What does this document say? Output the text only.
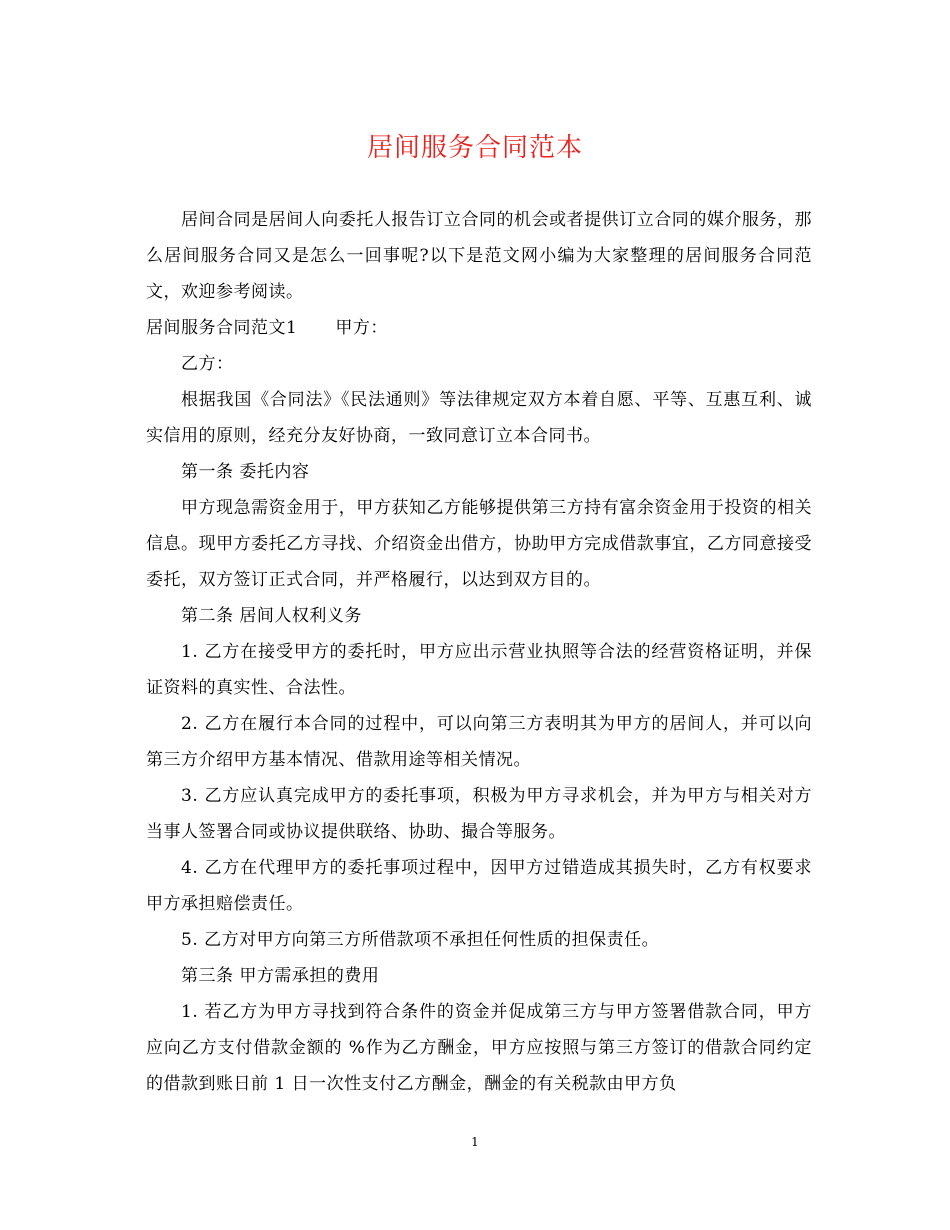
居间服务合同范本

居间合同是居间人向委托人报告订立合同的机会或者提供订立合同的媒介服务，那么居间服务合同又是怎么一回事呢?以下是范文网小编为大家整理的居间服务合同范文，欢迎参考阅读。

居间服务合同范文1 甲方：

乙方：

根据我国《合同法》《民法通则》等法律规定双方本着自愿、平等、互惠互利、诚实信用的原则，经充分友好协商，一致同意订立本合同书。

第一条 委托内容

甲方现急需资金用于，甲方获知乙方能够提供第三方持有富余资金用于投资的相关信息。现甲方委托乙方寻找、介绍资金出借方，协助甲方完成借款事宜，乙方同意接受委托，双方签订正式合同，并严格履行，以达到双方目的。

第二条 居间人权利义务

1. 乙方在接受甲方的委托时，甲方应出示营业执照等合法的经营资格证明，并保证资料的真实性、合法性。

2. 乙方在履行本合同的过程中，可以向第三方表明其为甲方的居间人，并可以向第三方介绍甲方基本情况、借款用途等相关情况。

3. 乙方应认真完成甲方的委托事项，积极为甲方寻求机会，并为甲方与相关对方当事人签署合同或协议提供联络、协助、撮合等服务。

4. 乙方在代理甲方的委托事项过程中，因甲方过错造成其损失时，乙方有权要求甲方承担赔偿责任。

5. 乙方对甲方向第三方所借款项不承担任何性质的担保责任。

第三条 甲方需承担的费用

1. 若乙方为甲方寻找到符合条件的资金并促成第三方与甲方签署借款合同，甲方应向乙方支付借款金额的 %作为乙方酬金，甲方应按照与第三方签订的借款合同约定的借款到账日前 1 日一次性支付乙方酬金，酬金的有关税款由甲方负

1
